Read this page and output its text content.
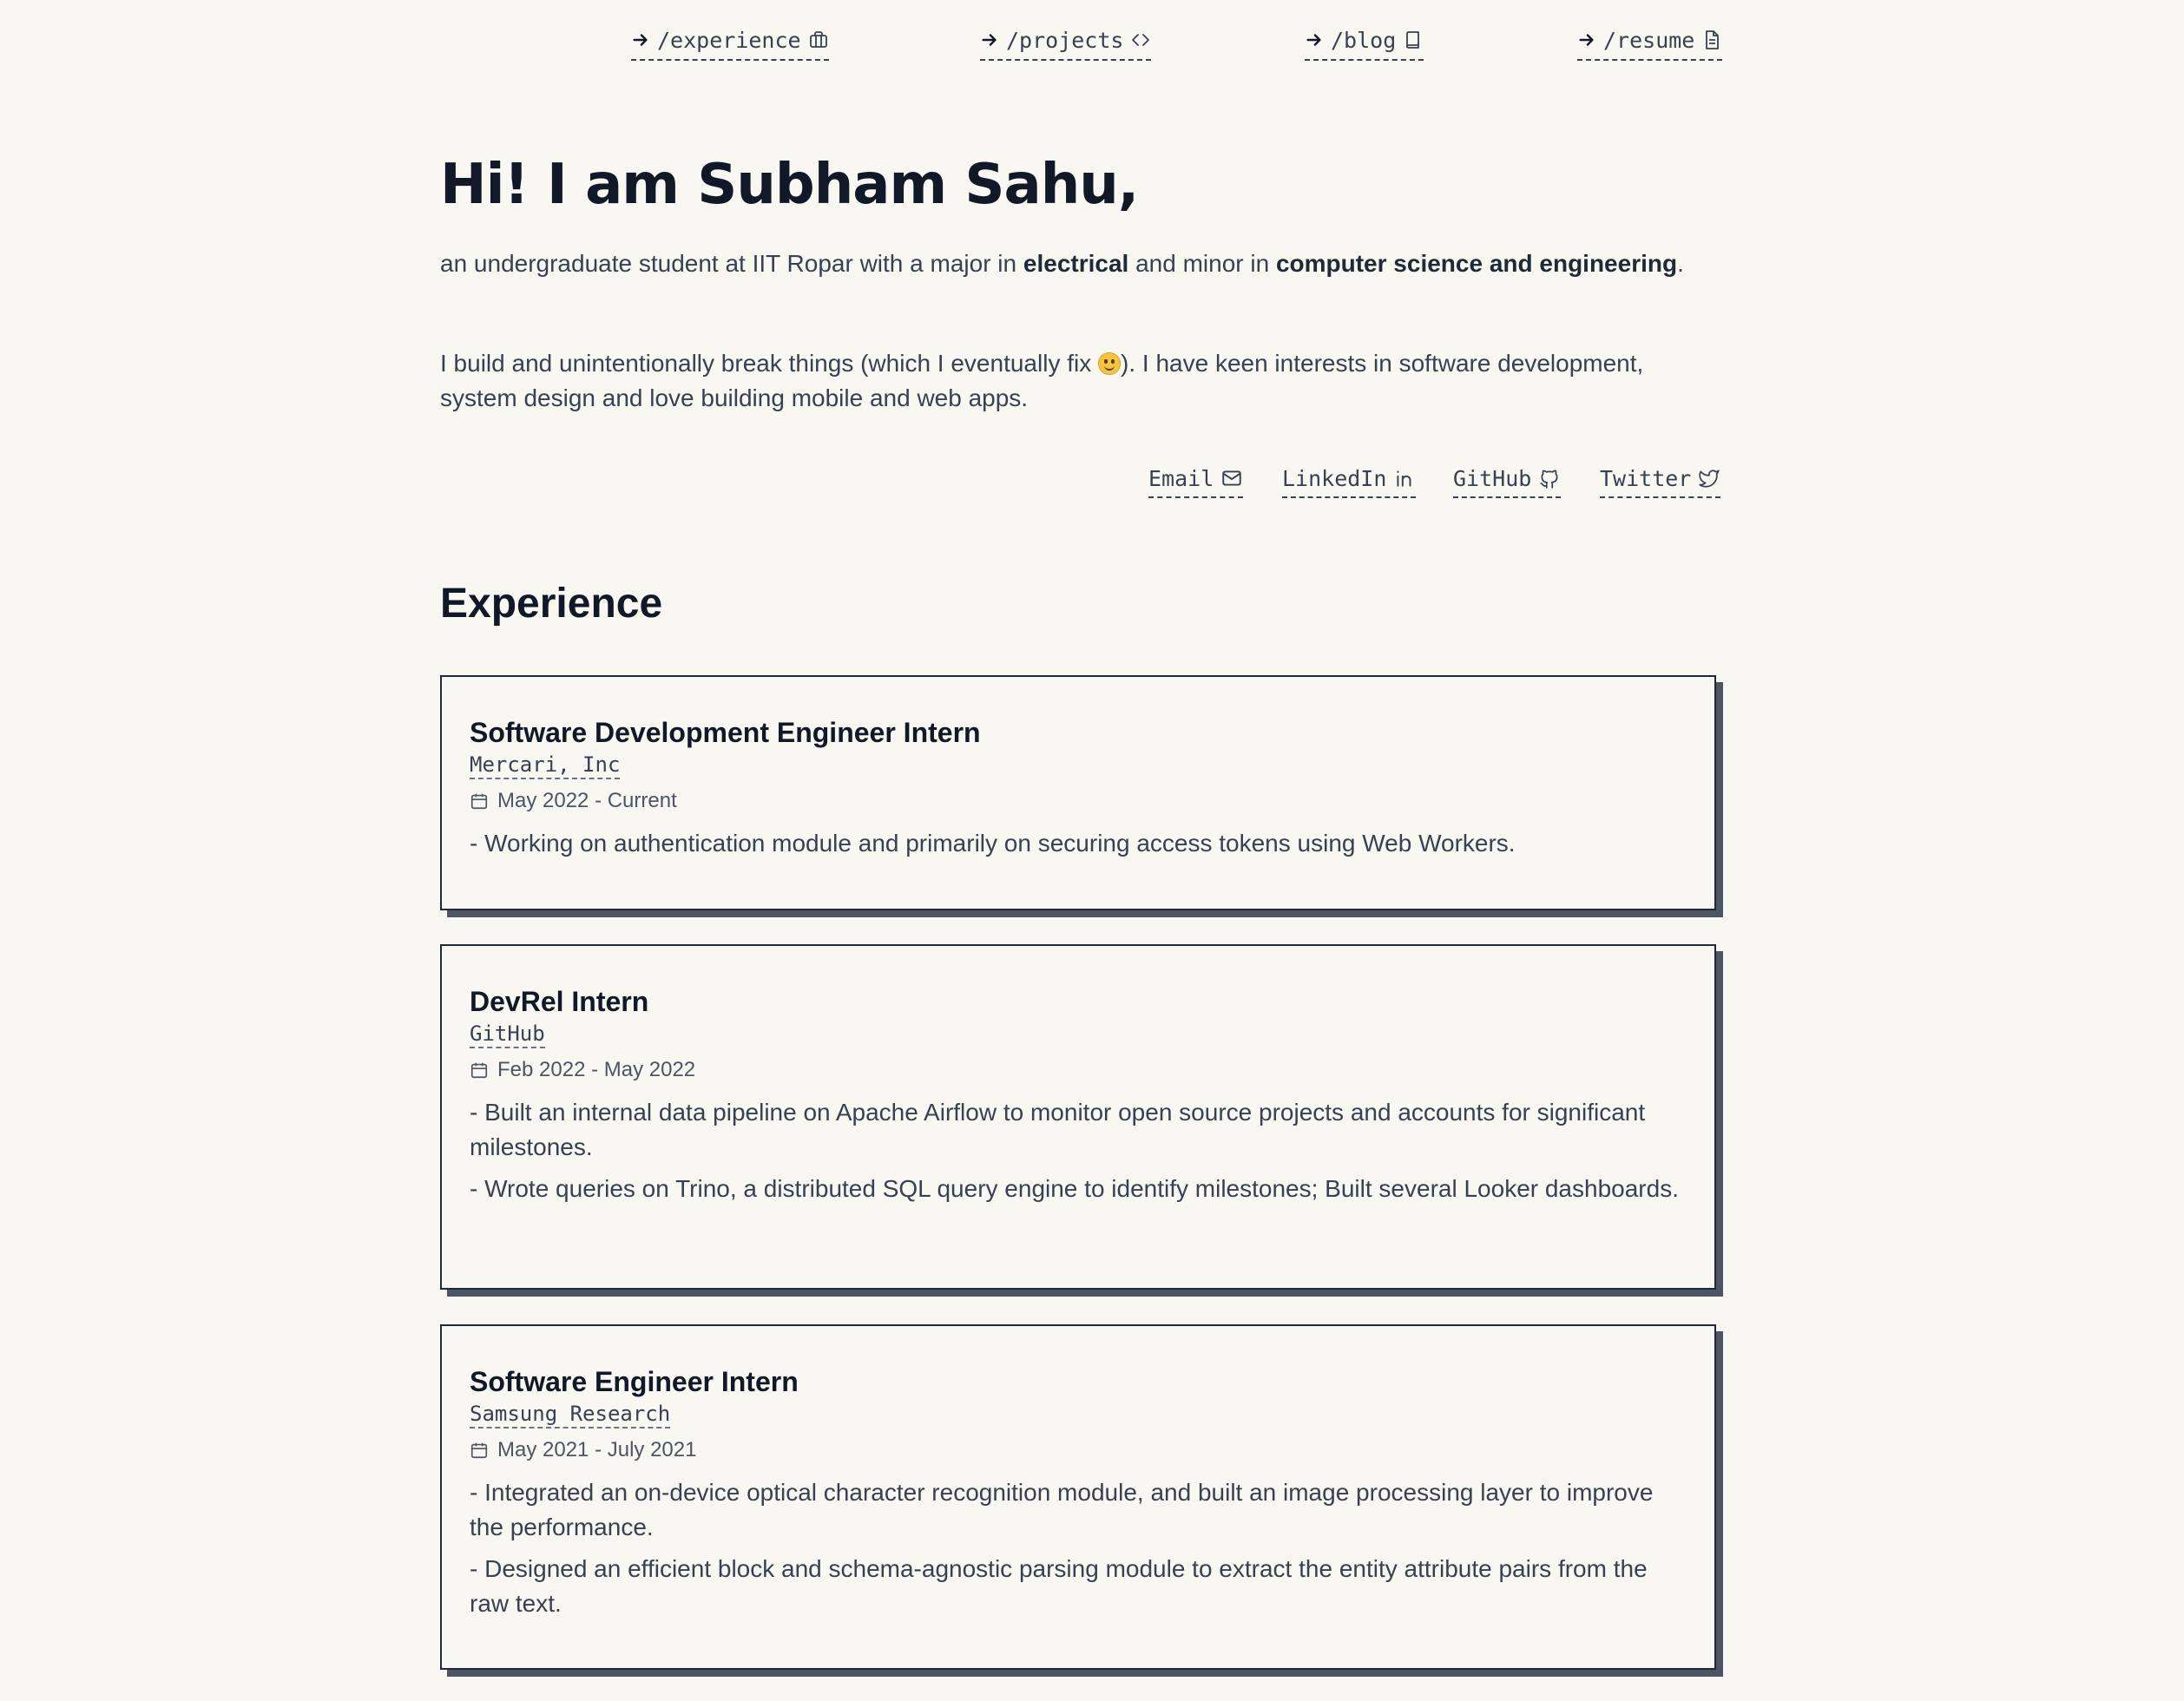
/experience	/projects	/blog	/resume
Hi! I am Subham Sahu,

an undergraduate student at IIT Ropar with a major in electrical and minor in computer science and engineering.

I build and unintentionally break things (which I eventually fix
). I have keen interests in software development, system design and love building mobile and web apps.

Email	LinkedIn	GitHub	Twitter
Experience

Software Development Engineer Intern

Mercari, Inc
May 2022 - Current

- Working on authentication module and primarily on securing access tokens using Web Workers.

DevRel Intern

GitHub
Feb 2022 - May 2022

- Built an internal data pipeline on Apache Airflow to monitor open source projects and accounts for significant milestones.

- Wrote queries on Trino, a distributed SQL query engine to identify milestones; Built several Looker dashboards.

Software Engineer Intern

Samsung Research
May 2021 - July 2021

- Integrated an on-device optical character recognition module, and built an image processing layer to improve the performance.

- Designed an efficient block and schema-agnostic parsing module to extract the entity attribute pairs from the raw text.
